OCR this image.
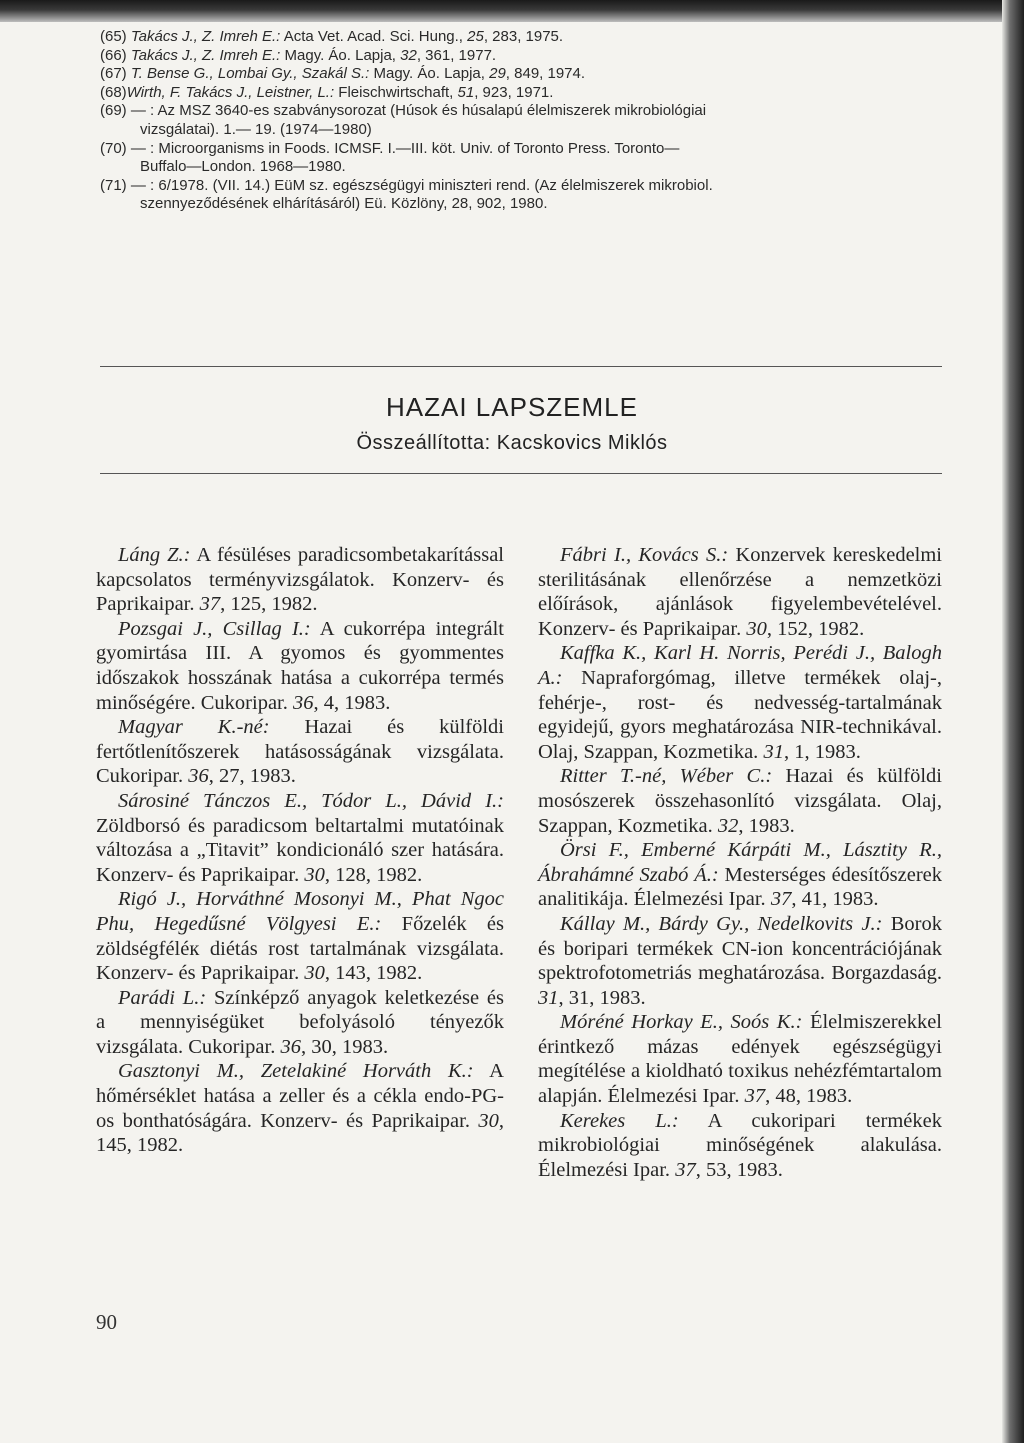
(65) Takács J., Z. Imreh E.: Acta Vet. Acad. Sci. Hung., 25, 283, 1975.
(66) Takács J., Z. Imreh E.: Magy. Áo. Lapja, 32, 361, 1977.
(67) T. Bense G., Lombai Gy., Szakál S.: Magy. Áo. Lapja, 29, 849, 1974.
(68)Wirth, F. Takács J., Leistner, L.: Fleischwirtschaft, 51, 923, 1971.
(69) — : Az MSZ 3640-es szabványsorozat (Húsok és húsalapú élelmiszerek mikrobiológiai
vizsgálatai). 1.— 19. (1974—1980)
(70) — : Microorganisms in Foods. ICMSF. I.—III. köt. Univ. of Toronto Press. Toronto—
Buffalo—London. 1968—1980.
(71) — : 6/1978. (VII. 14.) EüM sz. egészségügyi miniszteri rend. (Az élelmiszerek mikrobiol.
szennyeződésének elhárításáról) Eü. Közlöny, 28, 902, 1980.
HAZAI LAPSZEMLE
Összeállította: Kacskovics Miklós

Láng Z.: A fésüléses paradicsombetakarítással kapcsolatos terményvizsgálatok. Konzerv- és Paprikaipar. 37, 125, 1982.

Pozsgai J., Csillag I.: A cukorrépa integrált gyomirtása III. A gyomos és gyommentes időszakok hosszának hatása a cukorrépa termés minőségére. Cukoripar. 36, 4, 1983.

Magyar K.-né: Hazai és külföldi fertőtlenítőszerek hatásosságának vizsgálata. Cukoripar. 36, 27, 1983.

Sárosiné Tánczos E., Tódor L., Dávid I.: Zöldborsó és paradicsom beltartalmi mutatóinak változása a „Titavit” kondicionáló szer hatására. Konzerv- és Paprikaipar. 30, 128, 1982.

Rigó J., Horváthné Mosonyi M., Phat Ngoc Phu, Hegedűsné Völgyesi E.: Főzelék és zöldségféléк diétás rost tartalmának vizsgálata. Konzerv- és Paprikaipar. 30, 143, 1982.

Parádi L.: Színképző anyagok keletkezése és a mennyiségüket befolyásoló tényezők vizsgálata. Cukoripar. 36, 30, 1983.

Gasztonyi M., Zetelakiné Horváth K.: A hőmérséklet hatása a zeller és a cékla endo-PG-os bonthatóságára. Konzerv- és Paprikaipar. 30, 145, 1982.

Fábri I., Kovács S.: Konzervek kereskedelmi sterilitásának ellenőrzése a nemzetközi előírások, ajánlások figyelembevételével. Konzerv- és Paprikaipar. 30, 152, 1982.

Kaffka K., Karl H. Norris, Perédi J., Balogh A.: Napraforgómag, illetve termékek olaj-, fehérje-, rost- és nedvesség-tartalmának egyidejű, gyors meghatározása NIR-technikával. Olaj, Szappan, Kozmetika. 31, 1, 1983.

Ritter T.-né, Wéber C.: Hazai és külföldi mosószerek összehasonlító vizsgálata. Olaj, Szappan, Kozmetika. 32, 1983.

Örsi F., Emberné Kárpáti M., Lásztity R., Ábrahámné Szabó Á.: Mesterséges édesítőszerek analitikája. Élelmezési Ipar. 37, 41, 1983.

Kállay M., Bárdy Gy., Nedelkovits J.: Borok és boripari termékek CN-ion koncentrációjának spektrofotometriás meghatározása. Borgazdaság. 31, 31, 1983.

Móréné Horkay E., Soós K.: Élelmiszerekkel érintkező mázas edények egészségügyi megítélése a kioldható toxikus nehézfémtartalom alapján. Élelmezési Ipar. 37, 48, 1983.

Kerekes L.: A cukoripari termékek mikrobiológiai minőségének alakulása. Élelmezési Ipar. 37, 53, 1983.

90
